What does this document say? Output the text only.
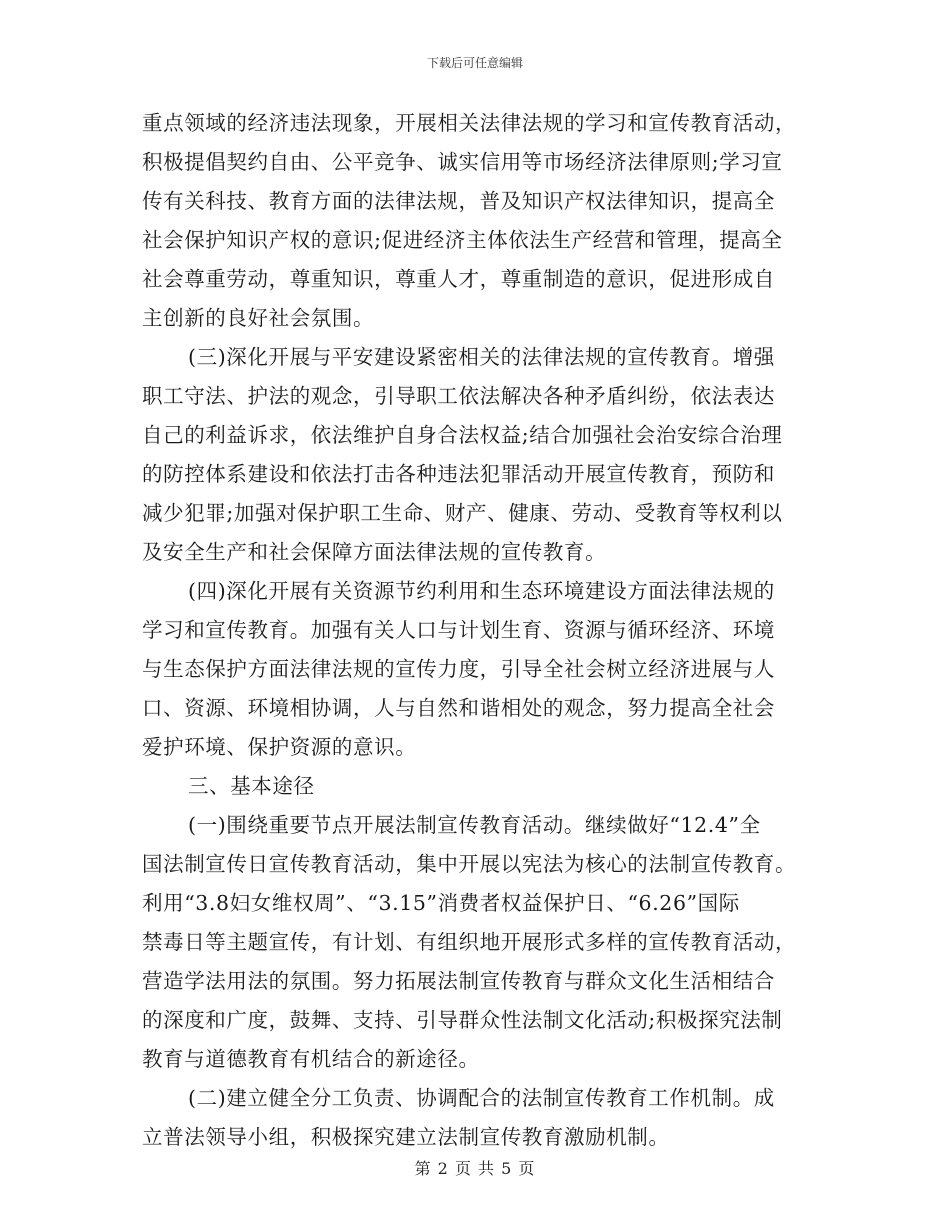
下载后可任意编辑
重点领域的经济违法现象，开展相关法律法规的学习和宣传教育活动，
积极提倡契约自由、公平竞争、诚实信用等市场经济法律原则;学习宣
传有关科技、教育方面的法律法规，普及知识产权法律知识，提高全
社会保护知识产权的意识;促进经济主体依法生产经营和管理，提高全
社会尊重劳动，尊重知识，尊重人才，尊重制造的意识，促进形成自
主创新的良好社会氛围。
(三)深化开展与平安建设紧密相关的法律法规的宣传教育。增强
职工守法、护法的观念，引导职工依法解决各种矛盾纠纷，依法表达
自己的利益诉求，依法维护自身合法权益;结合加强社会治安综合治理
的防控体系建设和依法打击各种违法犯罪活动开展宣传教育，预防和
减少犯罪;加强对保护职工生命、财产、健康、劳动、受教育等权利以
及安全生产和社会保障方面法律法规的宣传教育。
(四)深化开展有关资源节约利用和生态环境建设方面法律法规的
学习和宣传教育。加强有关人口与计划生育、资源与循环经济、环境
与生态保护方面法律法规的宣传力度，引导全社会树立经济进展与人
口、资源、环境相协调，人与自然和谐相处的观念，努力提高全社会
爱护环境、保护资源的意识。
三、基本途径
(一)围绕重要节点开展法制宣传教育活动。继续做好“12.4”全
国法制宣传日宣传教育活动，集中开展以宪法为核心的法制宣传教育。
利用“3.8妇女维权周”、“3.15”消费者权益保护日、“6.26”国际
禁毒日等主题宣传，有计划、有组织地开展形式多样的宣传教育活动，
营造学法用法的氛围。努力拓展法制宣传教育与群众文化生活相结合
的深度和广度，鼓舞、支持、引导群众性法制文化活动;积极探究法制
教育与道德教育有机结合的新途径。
(二)建立健全分工负责、协调配合的法制宣传教育工作机制。成
立普法领导小组，积极探究建立法制宣传教育激励机制。
第 2 页 共 5 页
